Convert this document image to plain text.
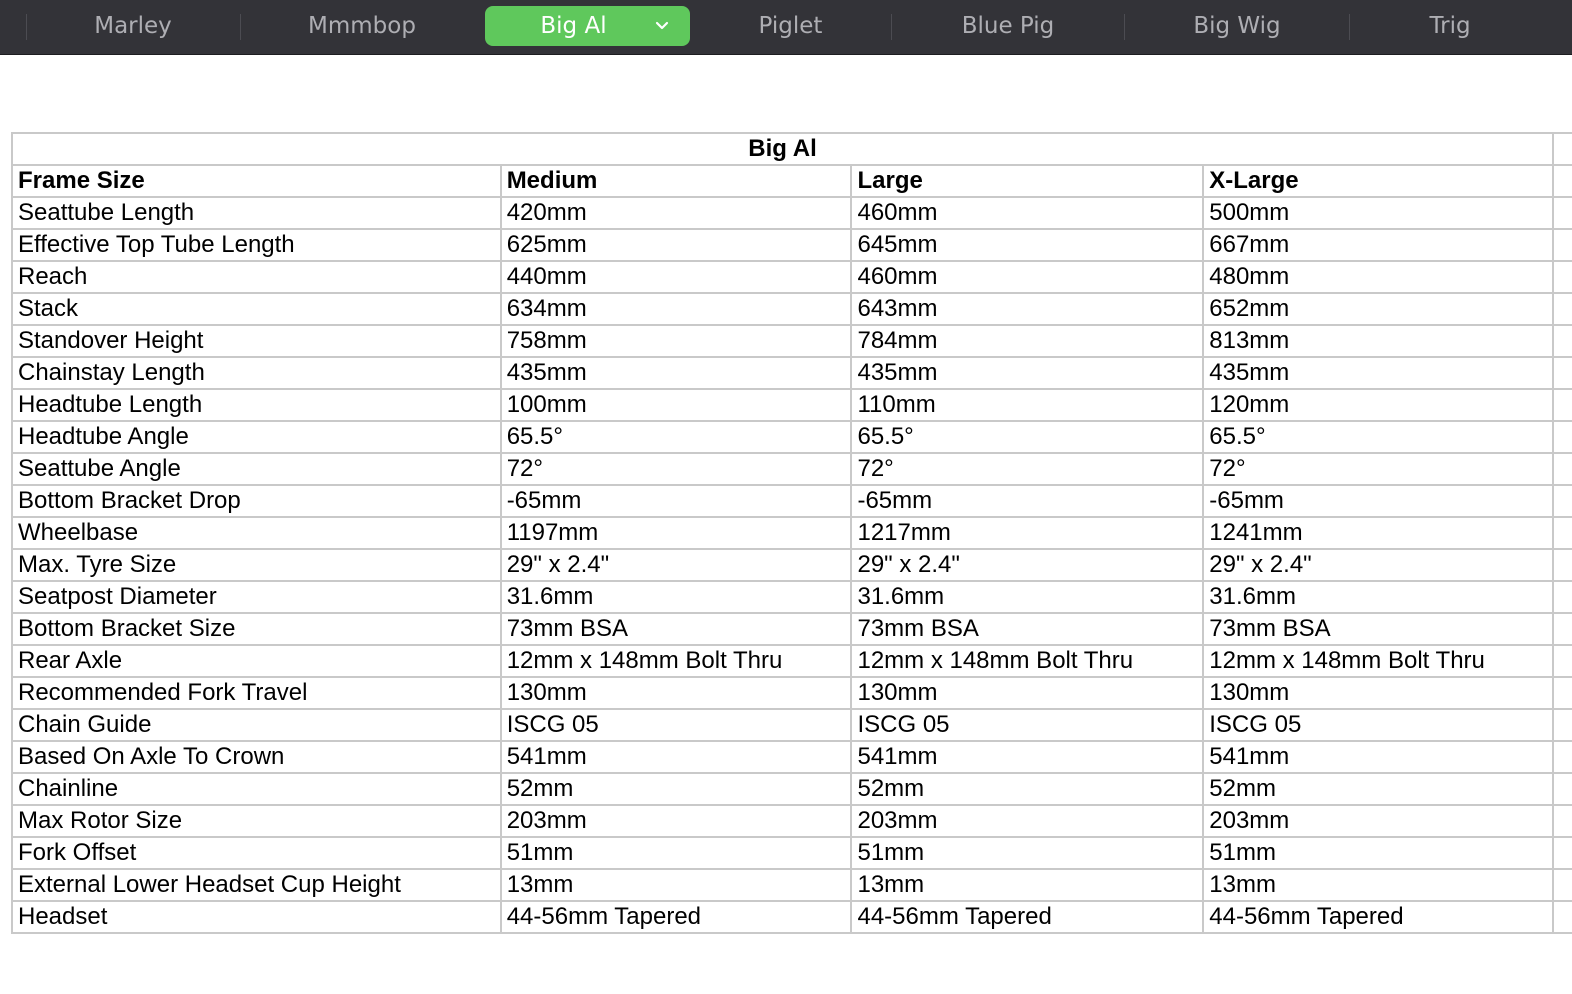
Marley	Mmmbop	Big Al	Piglet	Blue Pig	Big Wig	Trig
Big Al				
Frame Size	Medium	Large	X-Large	
Seattube Length	420mm	460mm	500mm	
Effective Top Tube Length	625mm	645mm	667mm	
Reach	440mm	460mm	480mm	
Stack	634mm	643mm	652mm	
Standover Height	758mm	784mm	813mm	
Chainstay Length	435mm	435mm	435mm	
Headtube Length	100mm	110mm	120mm	
Headtube Angle	65.5°	65.5°	65.5°	
Seattube Angle	72°	72°	72°	
Bottom Bracket Drop	-65mm	-65mm	-65mm	
Wheelbase	1197mm	1217mm	1241mm	
Max. Tyre Size	29" x 2.4"	29" x 2.4"	29" x 2.4"	
Seatpost Diameter	31.6mm	31.6mm	31.6mm	
Bottom Bracket Size	73mm BSA	73mm BSA	73mm BSA	
Rear Axle	12mm x 148mm Bolt Thru	12mm x 148mm Bolt Thru	12mm x 148mm Bolt Thru	
Recommended Fork Travel	130mm	130mm	130mm	
Chain Guide	ISCG 05	ISCG 05	ISCG 05	
Based On Axle To Crown	541mm	541mm	541mm	
Chainline	52mm	52mm	52mm	
Max Rotor Size	203mm	203mm	203mm	
Fork Offset	51mm	51mm	51mm	
External Lower Headset Cup Height	13mm	13mm	13mm	
Headset	44-56mm Tapered	44-56mm Tapered	44-56mm Tapered	
